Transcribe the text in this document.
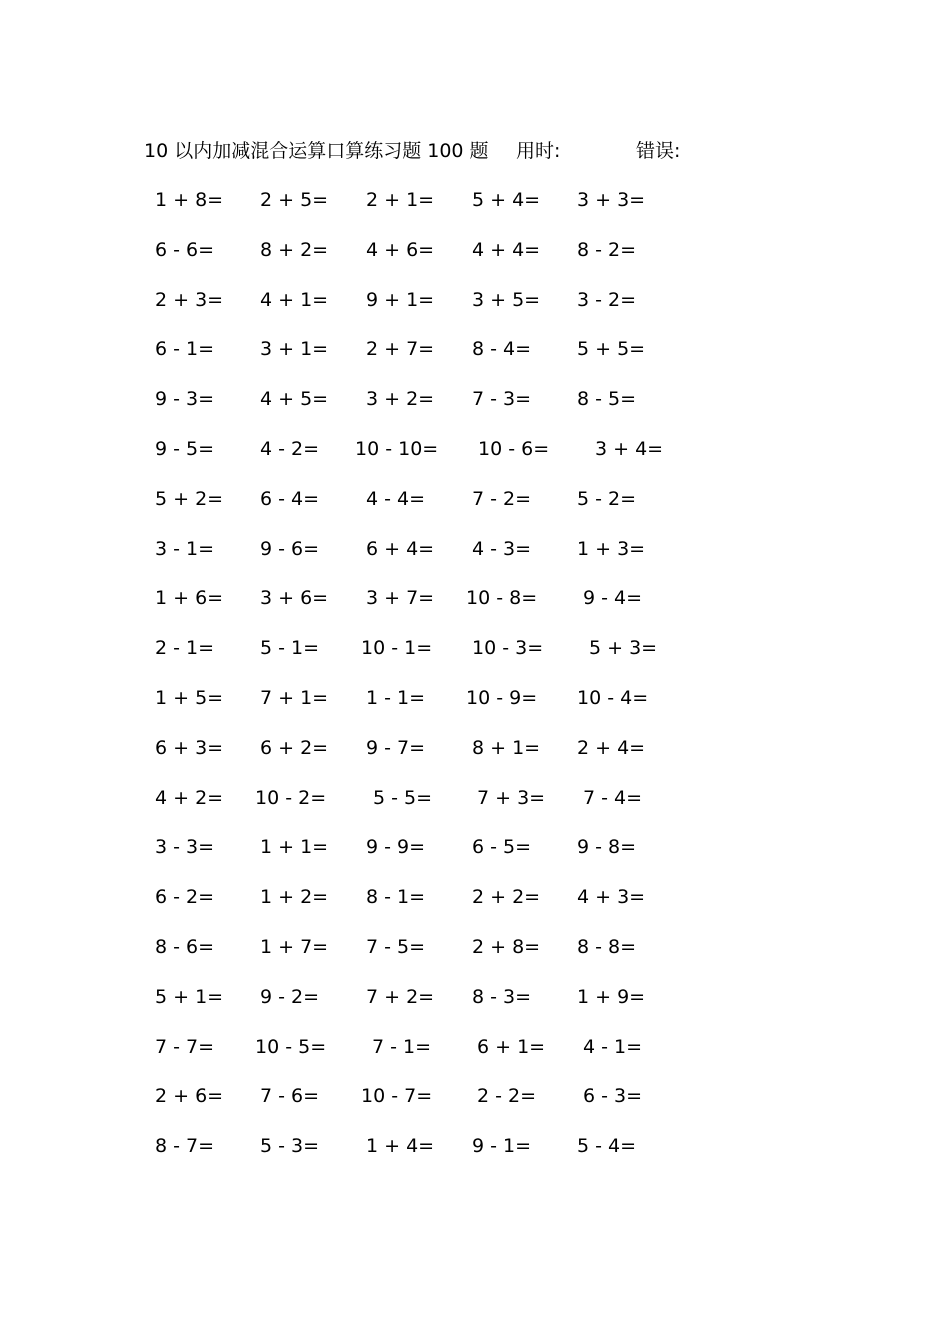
10 以内加减混合运算口算练习题 100 题 用时:	错误:
1 + 8= 2 + 5= 2 + 1= 5 + 4= 3 + 3=
6 - 6= 8 + 2= 4 + 6= 4 + 4= 8 - 2=
2 + 3= 4 + 1= 9 + 1= 3 + 5= 3 - 2=
6 - 1= 3 + 1= 2 + 7= 8 - 4= 5 + 5=
9 - 3= 4 + 5= 3 + 2= 7 - 3= 8 - 5=
9 - 5= 4 - 2= 10 - 10= 10 - 6= 3 + 4=
5 + 2= 6 - 4= 4 - 4= 7 - 2= 5 - 2=
3 - 1= 9 - 6= 6 + 4= 4 - 3= 1 + 3=
1 + 6= 3 + 6= 3 + 7= 10 - 8= 9 - 4=
2 - 1= 5 - 1= 10 - 1= 10 - 3= 5 + 3=
1 + 5= 7 + 1= 1 - 1= 10 - 9= 10 - 4=
6 + 3= 6 + 2= 9 - 7= 8 + 1= 2 + 4=
4 + 2= 10 - 2= 5 - 5= 7 + 3= 7 - 4=
3 - 3= 1 + 1= 9 - 9= 6 - 5= 9 - 8=
6 - 2= 1 + 2= 8 - 1= 2 + 2= 4 + 3=
8 - 6= 1 + 7= 7 - 5= 2 + 8= 8 - 8=
5 + 1= 9 - 2= 7 + 2= 8 - 3= 1 + 9=
7 - 7= 10 - 5= 7 - 1= 6 + 1= 4 - 1=
2 + 6= 7 - 6= 10 - 7= 2 - 2= 6 - 3=
8 - 7= 5 - 3= 1 + 4= 9 - 1= 5 - 4=
